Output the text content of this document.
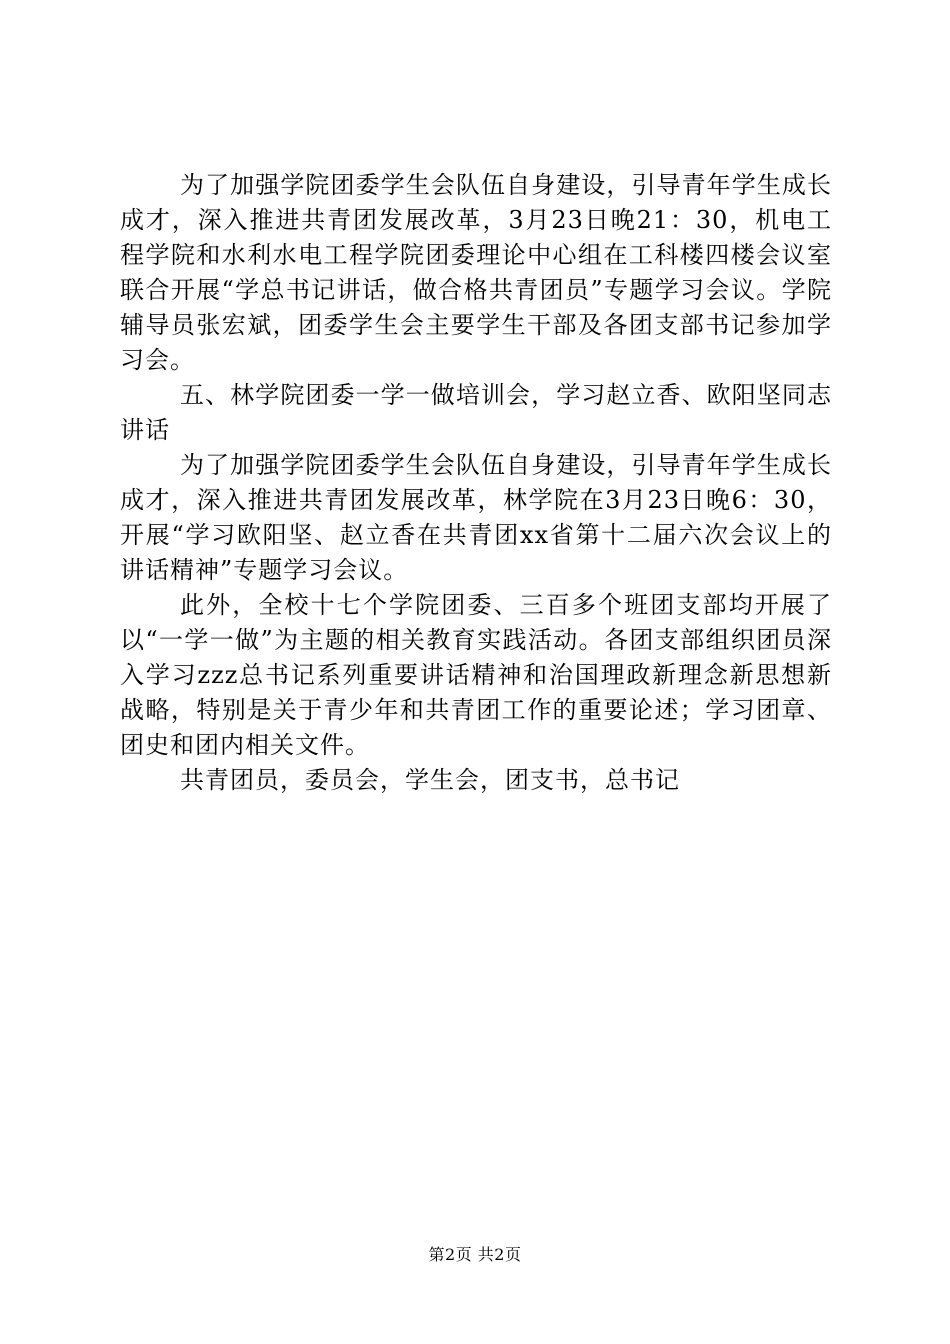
为了加强学院团委学生会队伍自身建设，引导青年学生成长成才，深入推进共青团发展改革，3月23日晚21：30，机电工程学院和水利水电工程学院团委理论中心组在工科楼四楼会议室联合开展“学总书记讲话，做合格共青团员”专题学习会议。学院辅导员张宏斌，团委学生会主要学生干部及各团支部书记参加学习会。

五、林学院团委一学一做培训会，学习赵立香、欧阳坚同志讲话

为了加强学院团委学生会队伍自身建设，引导青年学生成长成才，深入推进共青团发展改革，林学院在3月23日晚6：30，开展“学习欧阳坚、赵立香在共青团xx省第十二届六次会议上的讲话精神”专题学习会议。

此外，全校十七个学院团委、三百多个班团支部均开展了以“一学一做”为主题的相关教育实践活动。各团支部组织团员深入学习zzz总书记系列重要讲话精神和治国理政新理念新思想新战略，特别是关于青少年和共青团工作的重要论述；学习团章、团史和团内相关文件。

共青团员，委员会，学生会，团支书，总书记

第2页 共2页
